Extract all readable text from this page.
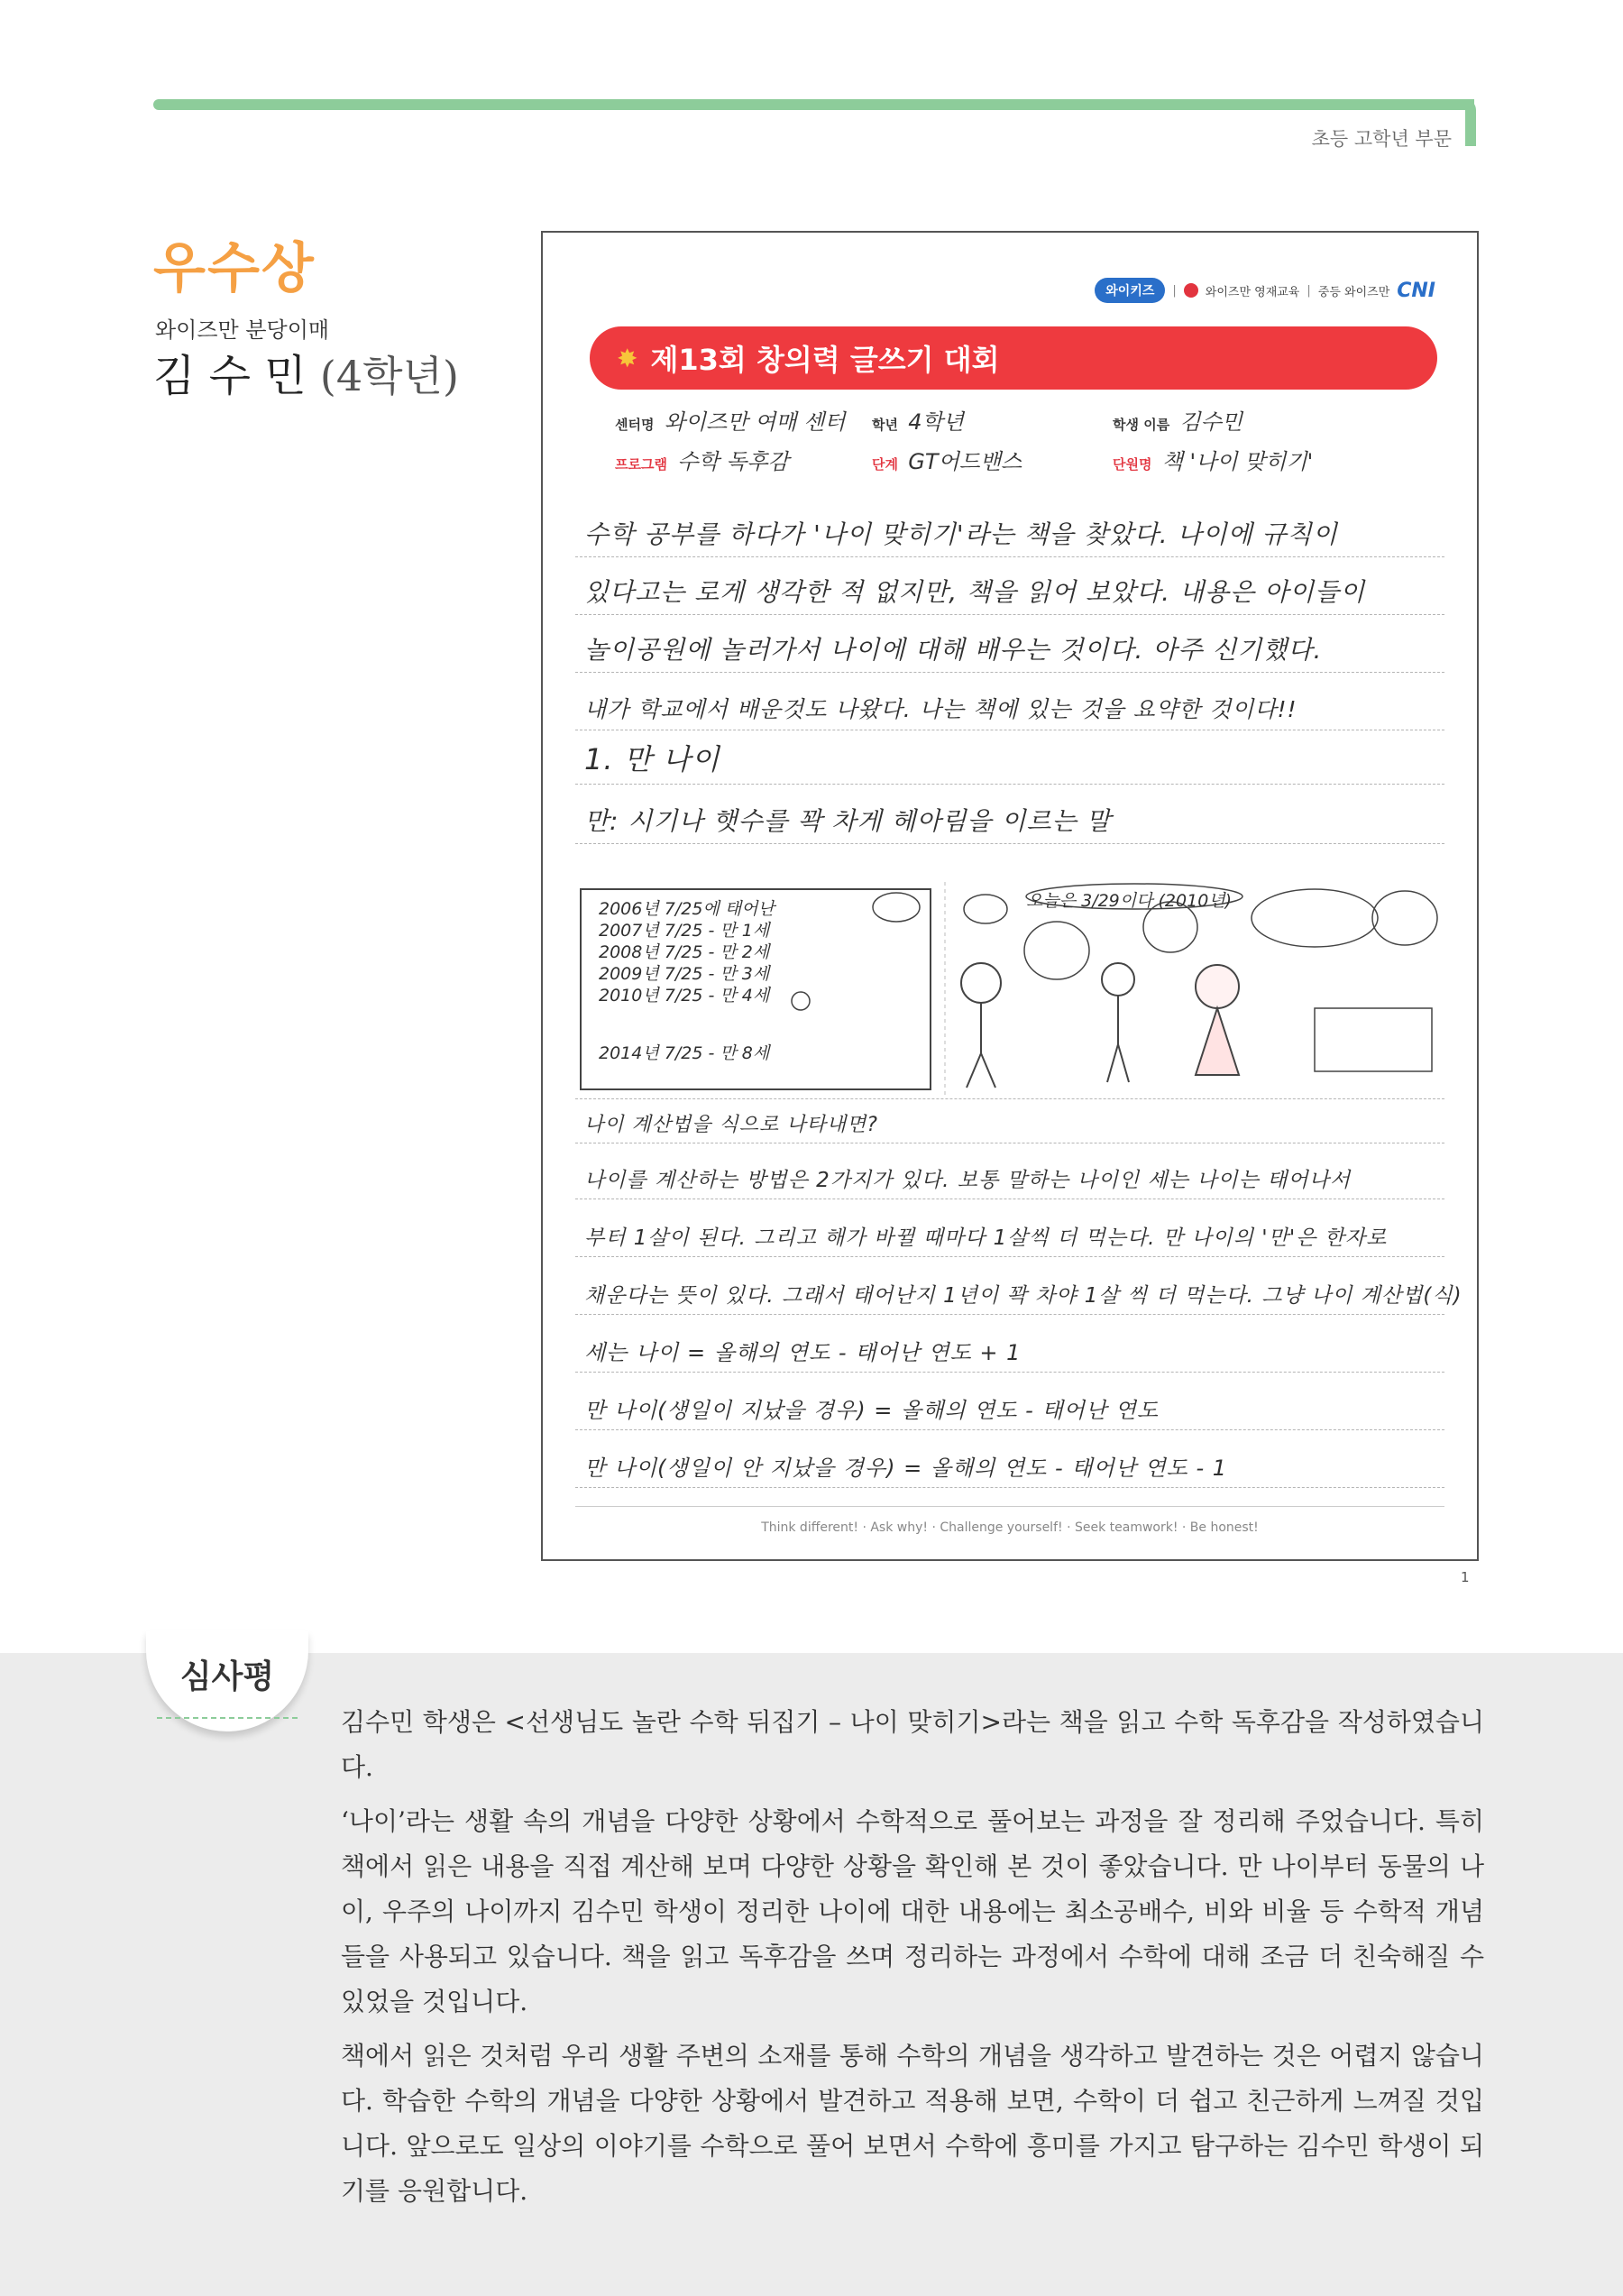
초등 고학년 부문
우수상
와이즈만 분당이매
김 수 민 (4학년)
와이키즈	| 와이즈만 영재교육 | 중등 와이즈만 CNI
✸ 제13회 창의력 글쓰기 대회
센터명 와이즈만 여매 센터 학년 4학년	학생 이름 김수민
프로그램 수학 독후감	단계 GT어드밴스	단원명 책 '나이 맞히기'
수학 공부를 하다가 '나이 맞히기'라는 책을 찾았다. 나이에 규칙이
있다고는 로게 생각한 적 없지만, 책을 읽어 보았다. 내용은 아이들이
놀이공원에 놀러가서 나이에 대해 배우는 것이다. 아주 신기했다.
내가 학교에서 배운것도 나왔다. 나는 책에 있는 것을 요약한 것이다!!
1. 만 나이
만: 시기나 햇수를 꽉 차게 헤아림을 이르는 말
2006년 7/25에 태어난
2007년 7/25 - 만 1세
2008년 7/25 - 만 2세
2009년 7/25 - 만 3세
2010년 7/25 - 만 4세
2014년 7/25 - 만 8세
오늘은 3/29이다 (2010년)
나이 계산법을 식으로 나타내면?
나이를 계산하는 방법은 2가지가 있다. 보통 말하는 나이인 세는 나이는 태어나서
부터 1살이 된다. 그리고 해가 바뀔 때마다 1살씩 더 먹는다. 만 나이의 '만'은 한자로
채운다는 뜻이 있다. 그래서 태어난지 1년이 꽉 차야 1살 씩 더 먹는다. 그냥 나이 계산법(식)
세는 나이 = 올해의 연도 - 태어난 연도 + 1
만 나이(생일이 지났을 경우) = 올해의 연도 - 태어난 연도
만 나이(생일이 안 지났을 경우) = 올해의 연도 - 태어난 연도 - 1
Think different! · Ask why! · Challenge yourself! · Seek teamwork! · Be honest!
1
심사평

김수민 학생은 <선생님도 놀란 수학 뒤집기 – 나이 맞히기>라는 책을 읽고 수학 독후감을 작성하였습니다.

‘나이’라는 생활 속의 개념을 다양한 상황에서 수학적으로 풀어보는 과정을 잘 정리해 주었습니다. 특히 책에서 읽은 내용을 직접 계산해 보며 다양한 상황을 확인해 본 것이 좋았습니다. 만 나이부터 동물의 나이, 우주의 나이까지 김수민 학생이 정리한 나이에 대한 내용에는 최소공배수, 비와 비율 등 수학적 개념들을 사용되고 있습니다. 책을 읽고 독후감을 쓰며 정리하는 과정에서 수학에 대해 조금 더 친숙해질 수 있었을 것입니다.

책에서 읽은 것처럼 우리 생활 주변의 소재를 통해 수학의 개념을 생각하고 발견하는 것은 어렵지 않습니다. 학습한 수학의 개념을 다양한 상황에서 발견하고 적용해 보면, 수학이 더 쉽고 친근하게 느껴질 것입니다. 앞으로도 일상의 이야기를 수학으로 풀어 보면서 수학에 흥미를 가지고 탐구하는 김수민 학생이 되기를 응원합니다.
